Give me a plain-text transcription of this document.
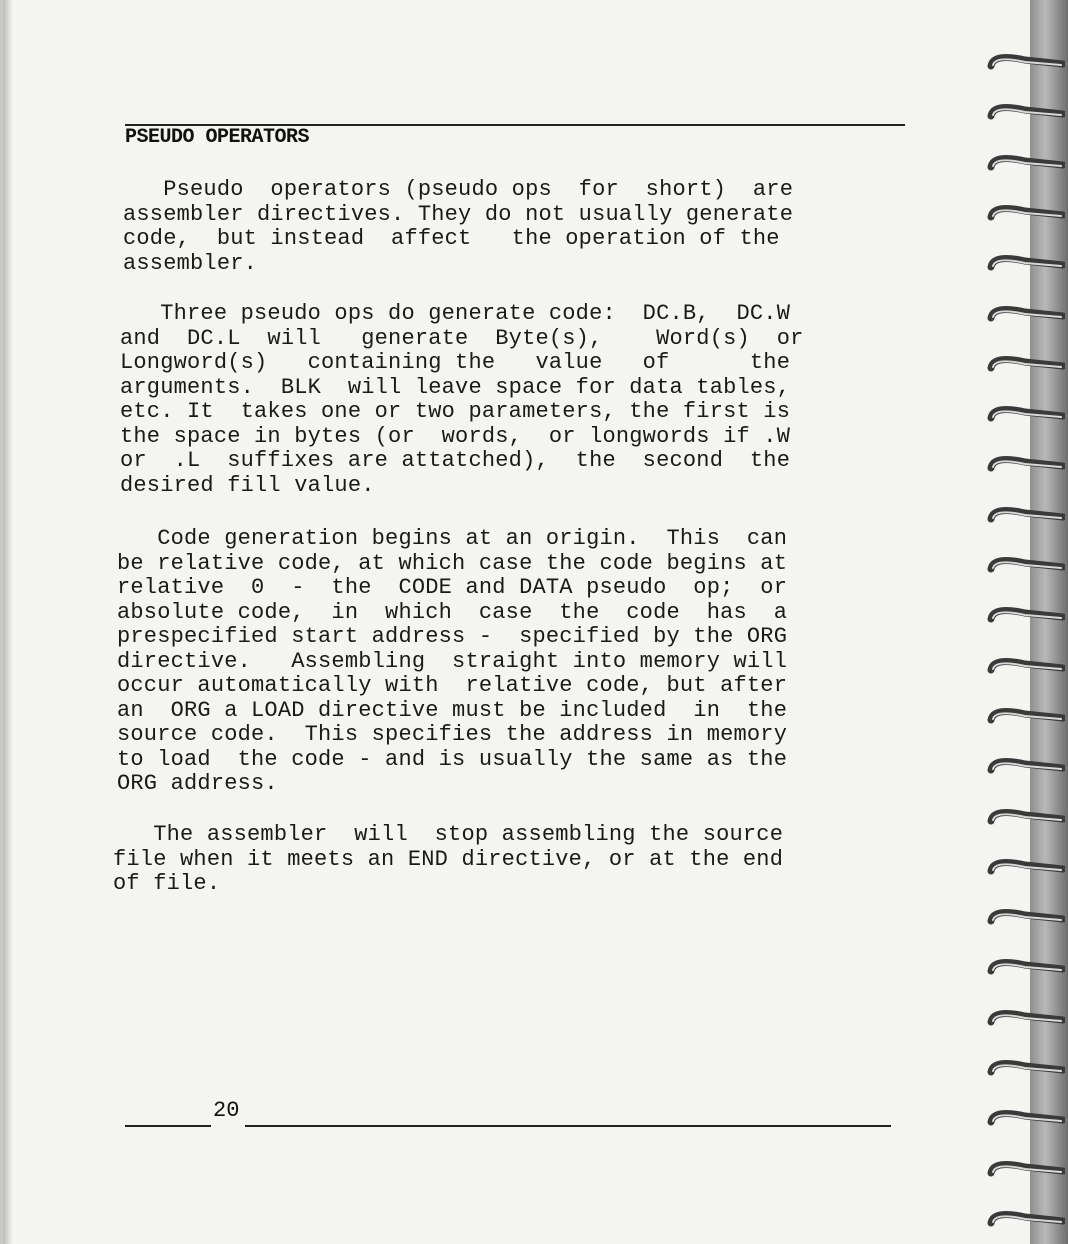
PSEUDO OPERATORS

Pseudo  operators (pseudo ops  for  short)  are
assembler directives. They do not usually generate
code,  but instead  affect   the operation of the
assembler.

Three pseudo ops do generate code:  DC.B,  DC.W
and  DC.L  will   generate  Byte(s),    Word(s)  or
Longword(s)   containing the   value   of      the
arguments.  BLK  will leave space for data tables,
etc. It  takes one or two parameters, the first is
the space in bytes (or  words,  or longwords if .W
or  .L  suffixes are attatched),  the  second  the
desired fill value.

Code generation begins at an origin.  This  can
be relative code, at which case the code begins at
relative  0  -  the  CODE and DATA pseudo  op;  or
absolute code,  in  which  case  the  code  has  a
prespecified start address -  specified by the ORG
directive.   Assembling  straight into memory will
occur automatically with  relative code, but after
an  ORG a LOAD directive must be included  in  the
source code.  This specifies the address in memory
to load  the code - and is usually the same as the
ORG address.

The assembler  will  stop assembling the source
file when it meets an END directive, or at the end
of file.

20
